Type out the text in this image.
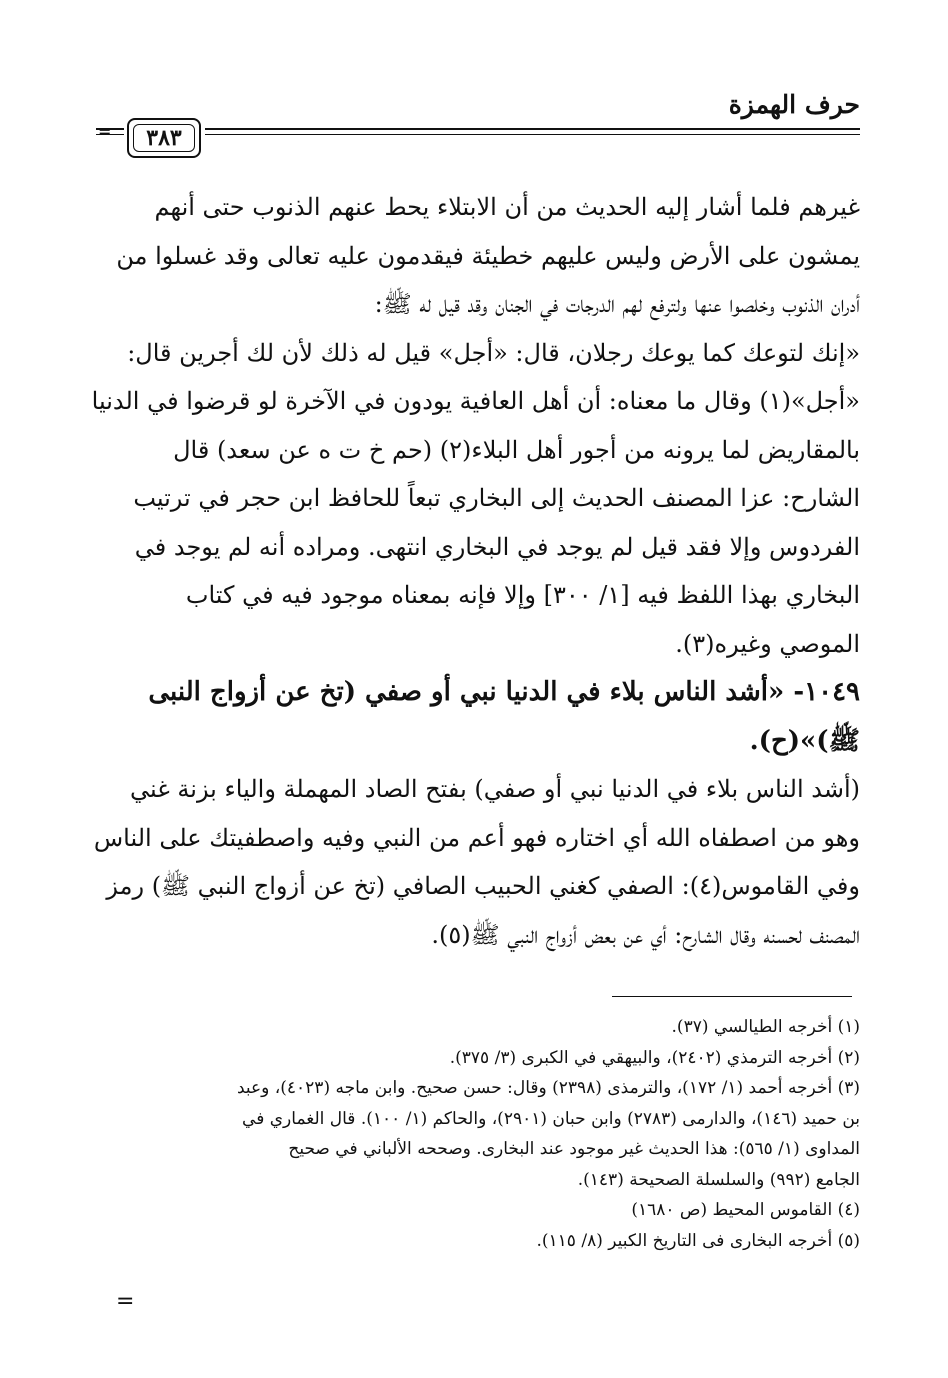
حرف الهمزة
٣٨٣

غيرهم فلما أشار إليه الحديث من أن الابتلاء يحط عنهم الذنوب حتى أنهم

يمشون على الأرض وليس عليهم خطيئة فيقدمون عليه تعالى وقد غسلوا من

أدران الذنوب وخلصوا عنها ولترفع لهم الدرجات في الجنان وقد قيل له ﷺ:

«إنك لتوعك كما يوعك رجلان، قال: «أجل» قيل له ذلك لأن لك أجرين قال:

«أجل»(١) وقال ما معناه: أن أهل العافية يودون في الآخرة لو قرضوا في الدنيا

بالمقاريض لما يرونه من أجور أهل البلاء(٢) (حم خ ت ه عن سعد) قال

الشارح: عزا المصنف الحديث إلى البخاري تبعاً للحافظ ابن حجر في ترتيب

الفردوس وإلا فقد قيل لم يوجد في البخاري انتهى. ومراده أنه لم يوجد في

البخاري بهذا اللفظ فيه [١/ ٣٠٠] وإلا فإنه بمعناه موجود فيه في كتاب

الموصي وغيره(٣).

١٠٤٩- «أشد الناس بلاء في الدنيا نبي أو صفي (تخ عن أزواج النبى

ﷺ)»(ح).

(أشد الناس بلاء في الدنيا نبي أو صفي) بفتح الصاد المهملة والياء بزنة غني

وهو من اصطفاه الله أي اختاره فهو أعم من النبي وفيه واصطفيتك على الناس

وفي القاموس(٤): الصفي كغني الحبيب الصافي (تخ عن أزواج النبي ﷺ) رمز

المصنف لحسنه وقال الشارح: أي عن بعض أزواج النبي ﷺ(٥).

(١) أخرجه الطيالسي (٣٧).
(٢) أخرجه الترمذي (٢٤٠٢)، والبيهقي في الكبرى (٣/ ٣٧٥).
(٣) أخرجه أحمد (١/ ١٧٢)، والترمذى (٢٣٩٨) وقال: حسن صحيح. وابن ماجه (٤٠٢٣)، وعبد
بن حميد (١٤٦)، والدارمى (٢٧٨٣) وابن حبان (٢٩٠١)، والحاكم (١/ ١٠٠). قال الغماري في
المداوى (١/ ٥٦٥): هذا الحديث غير موجود عند البخارى. وصححه الألباني في صحيح
الجامع (٩٩٢) والسلسلة الصحيحة (١٤٣).
(٤) القاموس المحيط (ص ١٦٨٠)
(٥) أخرجه البخارى فى التاريخ الكبير (٨/ ١١٥).
=
=
